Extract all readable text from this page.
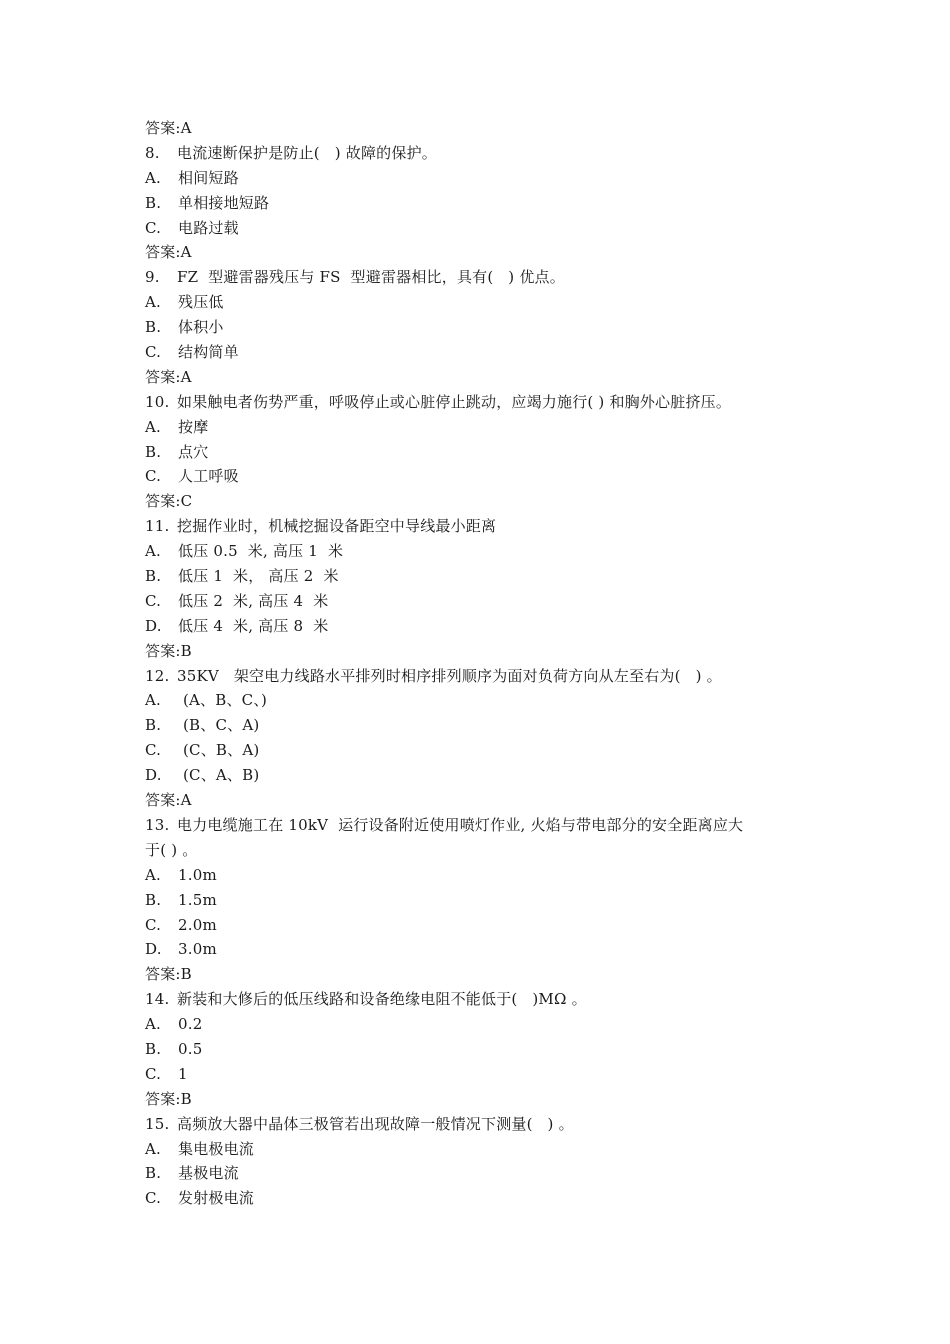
答案:A
8. 电流速断保护是防止(   ) 故障的保护。
A. 相间短路
B. 单相接地短路
C. 电路过载
答案:A
9. FZ  型避雷器残压与 FS  型避雷器相比，具有(   ) 优点。
A. 残压低
B. 体积小
C. 结构简单
答案:A
10. 如果触电者伤势严重，呼吸停止或心脏停止跳动，应竭力施行( ) 和胸外心脏挤压。
A. 按摩
B. 点穴
C. 人工呼吸
答案:C
11. 挖掘作业时，机械挖掘设备距空中导线最小距离
A. 低压 0.5  米, 高压 1  米
B. 低压 1  米， 高压 2  米
C. 低压 2  米, 高压 4  米
D. 低压 4  米, 高压 8  米
答案:B
12. 35KV   架空电力线路水平排列时相序排列顺序为面对负荷方向从左至右为(   ) 。
A. (A、B、C、)
B. (B、C、A)
C. (C、B、A)
D. (C、A、B)
答案:A
13. 电力电缆施工在 10kV  运行设备附近使用喷灯作业, 火焰与带电部分的安全距离应大
于( ) 。
A. 1.0m
B. 1.5m
C. 2.0m
D. 3.0m
答案:B
14. 新装和大修后的低压线路和设备绝缘电阻不能低于(   )MΩ 。
A. 0.2
B. 0.5
C. 1
答案:B
15. 高频放大器中晶体三极管若出现故障一般情况下测量(   ) 。
A. 集电极电流
B. 基极电流
C. 发射极电流
